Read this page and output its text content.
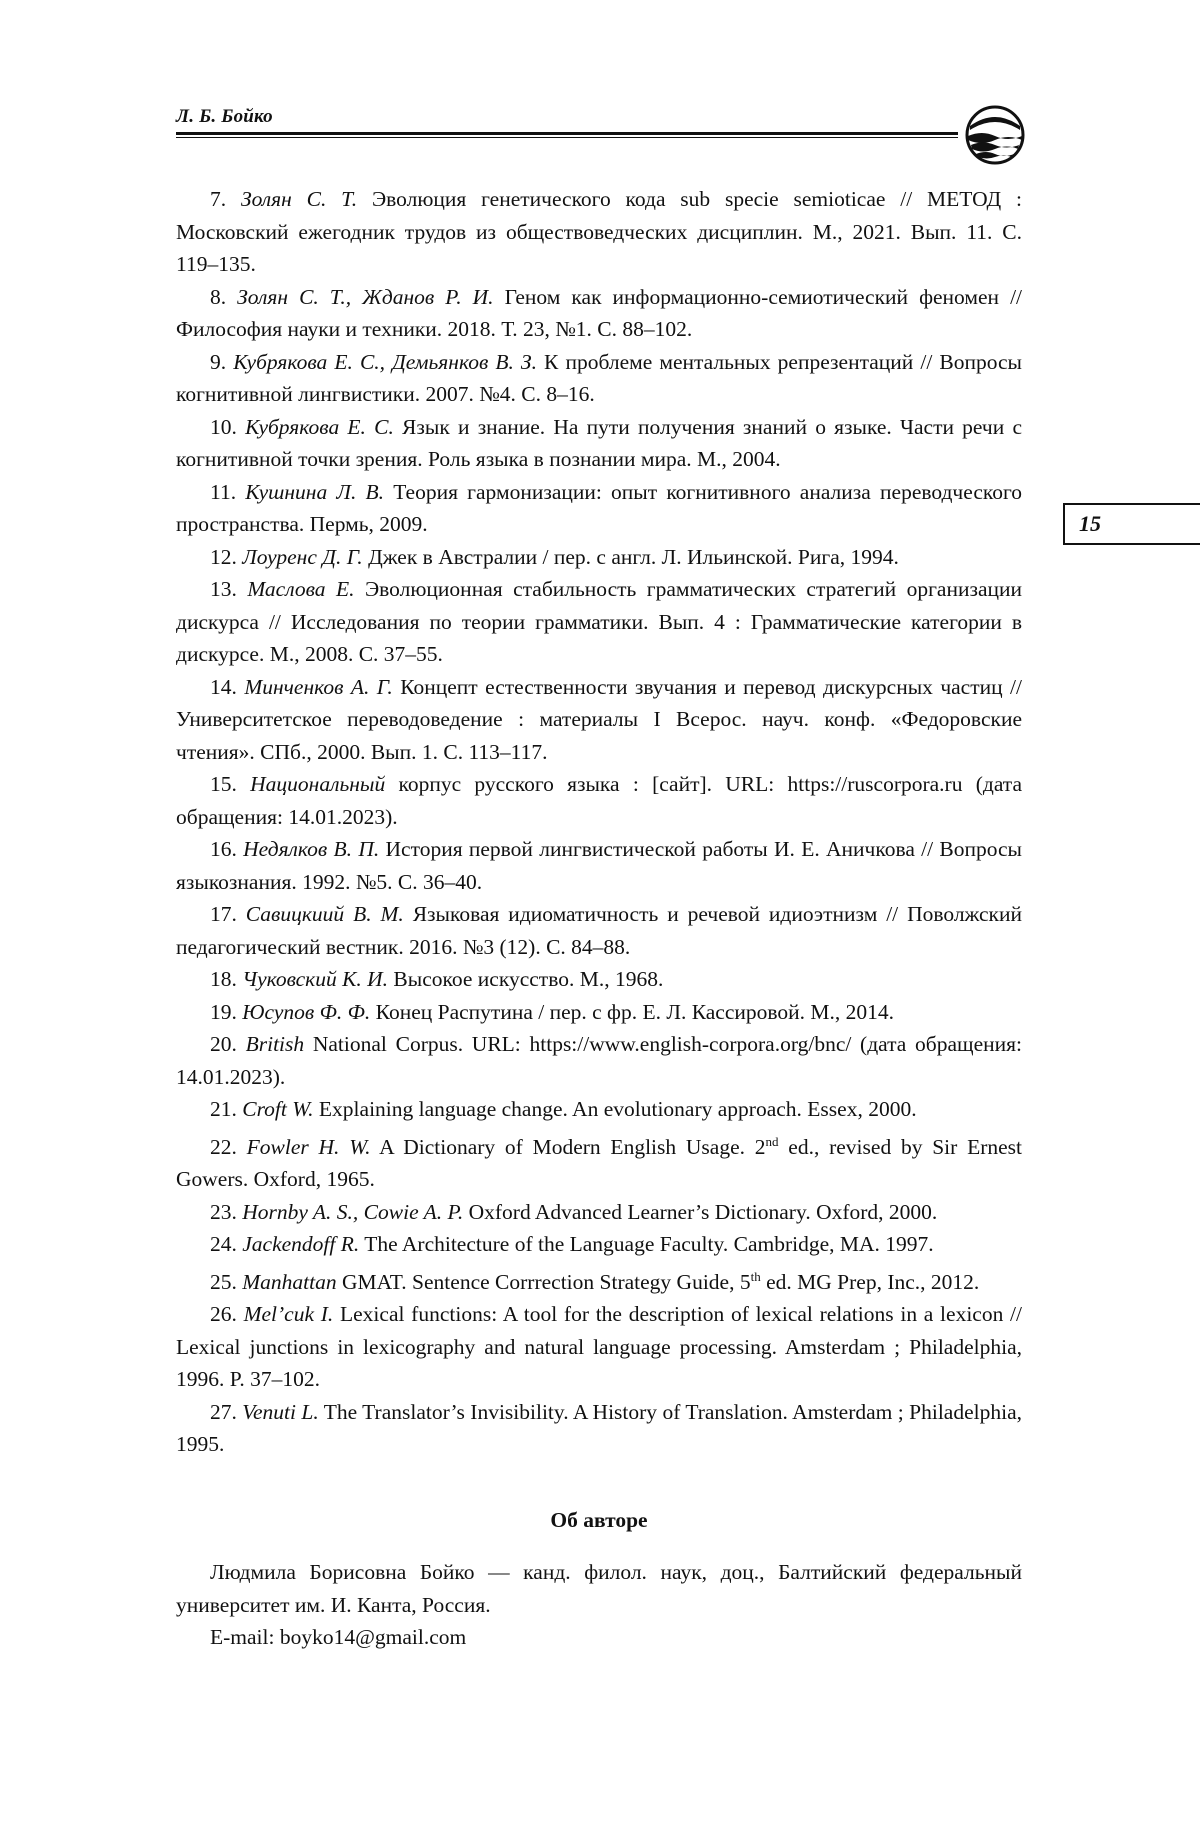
Л. Б. Бойко
15

7. Золян С. Т. Эволюция генетического кода sub specie semioticae // МЕТОД : Московский ежегодник трудов из обществоведческих дисциплин. М., 2021. Вып. 11. С. 119–135.

8. Золян С. Т., Жданов Р. И. Геном как информационно-семиотический феномен // Философия науки и техники. 2018. Т. 23, №1. С. 88–102.

9. Кубрякова Е. С., Демьянков В. З. К проблеме ментальных репрезентаций // Вопросы когнитивной лингвистики. 2007. №4. С. 8–16.

10. Кубрякова Е. С. Язык и знание. На пути получения знаний о языке. Части речи с когнитивной точки зрения. Роль языка в познании мира. М., 2004.

11. Кушнина Л. В. Теория гармонизации: опыт когнитивного анализа переводческого пространства. Пермь, 2009.

12. Лоуренс Д. Г. Джек в Австралии / пер. с англ. Л. Ильинской. Рига, 1994.

13. Маслова Е. Эволюционная стабильность грамматических стратегий организации дискурса // Исследования по теории грамматики. Вып. 4 : Грамматические категории в дискурсе. М., 2008. С. 37–55.

14. Минченков А. Г. Концепт естественности звучания и перевод дискурсных частиц // Университетское переводоведение : материалы I Всерос. науч. конф. «Федоровские чтения». СПб., 2000. Вып. 1. С. 113–117.

15. Национальный корпус русского языка : [сайт]. URL: https://ruscorpora.ru (дата обращения: 14.01.2023).

16. Недялков В. П. История первой лингвистической работы И. Е. Аничкова // Вопросы языкознания. 1992. №5. С. 36–40.

17. Савицкиий В. М. Языковая идиоматичность и речевой идиоэтнизм // Поволжский педагогический вестник. 2016. №3 (12). С. 84–88.

18. Чуковский К. И. Высокое искусство. М., 1968.

19. Юсупов Ф. Ф. Конец Распутина / пер. с фр. Е. Л. Кассировой. М., 2014.

20. British National Corpus. URL: https://www.english-corpora.org/bnc/ (дата обращения: 14.01.2023).

21. Croft W. Explaining language change. An evolutionary approach. Essex, 2000.

22. Fowler H. W. A Dictionary of Modern English Usage. 2nd ed., revised by Sir Ernest Gowers. Oxford, 1965.

23. Hornby A. S., Cowie A. P. Oxford Advanced Learner’s Dictionary. Oxford, 2000.

24. Jackendoff R. The Architecture of the Language Faculty. Cambridge, MA. 1997.

25. Manhattan GMAT. Sentence Corrrection Strategy Guide, 5th ed. MG Prep, Inc., 2012.

26. Mel’cuk I. Lexical functions: A tool for the description of lexical relations in a lexicon // Lexical junctions in lexicography and natural language processing. Amsterdam ; Philadelphia, 1996. P. 37–102.

27. Venuti L. The Translator’s Invisibility. A History of Translation. Amsterdam ; Philadelphia, 1995.

Об авторе

Людмила Борисовна Бойко — канд. филол. наук, доц., Балтийский федеральный университет им. И. Канта, Россия.

E-mail: boyko14@gmail.com
